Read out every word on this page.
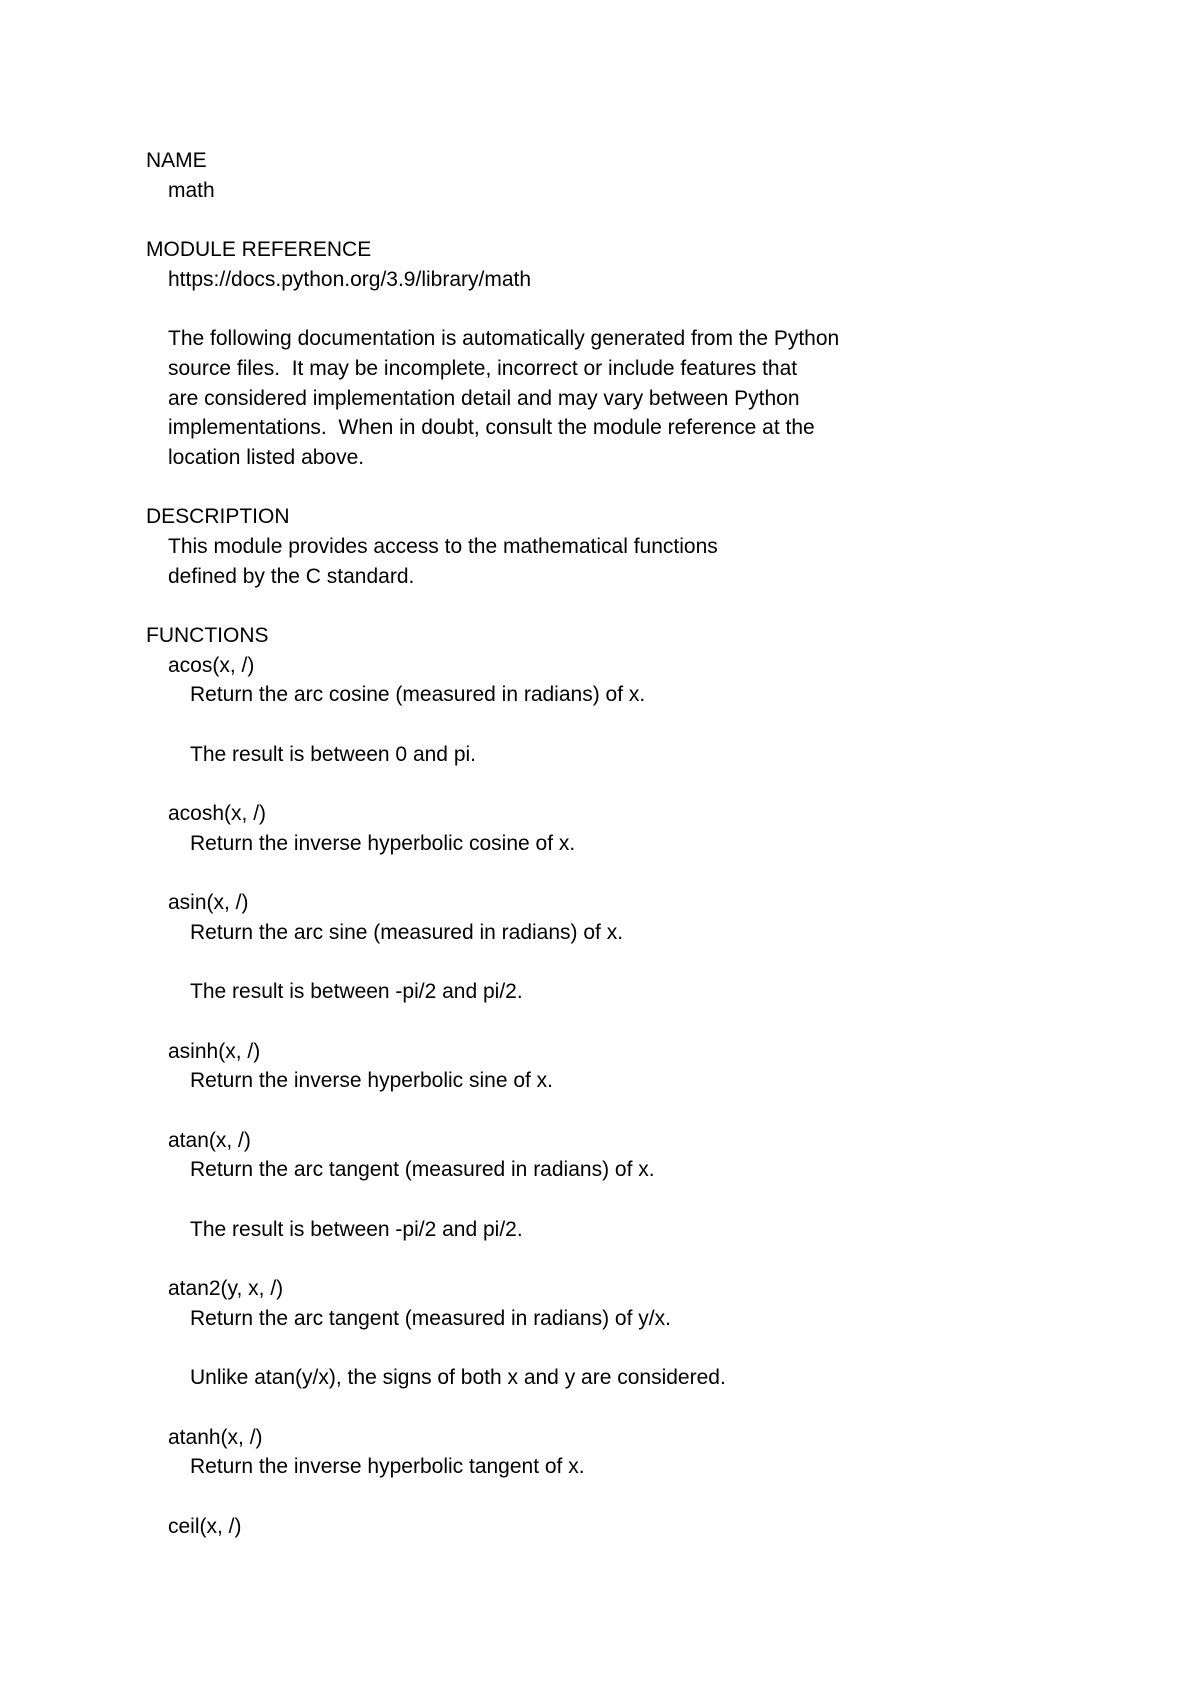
NAME

math

MODULE REFERENCE

https://docs.python.org/3.9/library/math

The following documentation is automatically generated from the Python

source files.  It may be incomplete, incorrect or include features that

are considered implementation detail and may vary between Python

implementations.  When in doubt, consult the module reference at the

location listed above.

DESCRIPTION

This module provides access to the mathematical functions

defined by the C standard.

FUNCTIONS

acos(x, /)

Return the arc cosine (measured in radians) of x.

The result is between 0 and pi.

acosh(x, /)

Return the inverse hyperbolic cosine of x.

asin(x, /)

Return the arc sine (measured in radians) of x.

The result is between -pi/2 and pi/2.

asinh(x, /)

Return the inverse hyperbolic sine of x.

atan(x, /)

Return the arc tangent (measured in radians) of x.

The result is between -pi/2 and pi/2.

atan2(y, x, /)

Return the arc tangent (measured in radians) of y/x.

Unlike atan(y/x), the signs of both x and y are considered.

atanh(x, /)

Return the inverse hyperbolic tangent of x.

ceil(x, /)
